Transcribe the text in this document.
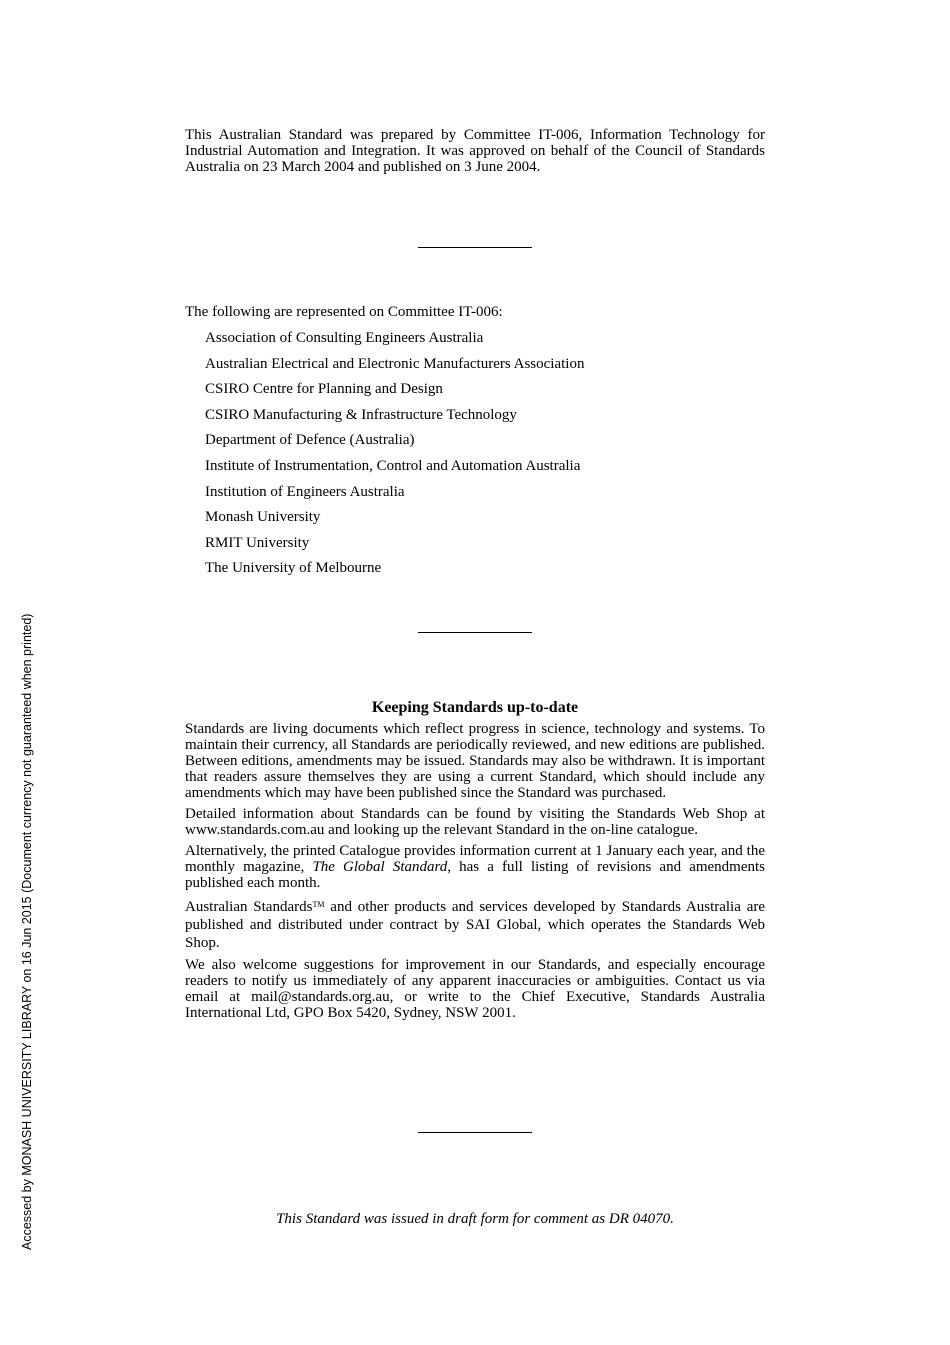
Accessed by MONASH UNIVERSITY LIBRARY on 16 Jun 2015 (Document currency not guaranteed when printed)

This Australian Standard was prepared by Committee IT-006, Information Technology for Industrial Automation and Integration. It was approved on behalf of the Council of Standards Australia on 23 March 2004 and published on 3 June 2004.

The following are represented on Committee IT-006:

Association of Consulting Engineers Australia
Australian Electrical and Electronic Manufacturers Association
CSIRO Centre for Planning and Design
CSIRO Manufacturing & Infrastructure Technology
Department of Defence (Australia)
Institute of Instrumentation, Control and Automation Australia
Institution of Engineers Australia
Monash University
RMIT University
The University of Melbourne
Keeping Standards up-to-date

Standards are living documents which reflect progress in science, technology and systems. To maintain their currency, all Standards are periodically reviewed, and new editions are published. Between editions, amendments may be issued. Standards may also be withdrawn. It is important that readers assure themselves they are using a current Standard, which should include any amendments which may have been published since the Standard was purchased.

Detailed information about Standards can be found by visiting the Standards Web Shop at www.standards.com.au and looking up the relevant Standard in the on-line catalogue.

Alternatively, the printed Catalogue provides information current at 1 January each year, and the monthly magazine, The Global Standard, has a full listing of revisions and amendments published each month.

Australian Standards™ and other products and services developed by Standards Australia are published and distributed under contract by SAI Global, which operates the Standards Web Shop.

We also welcome suggestions for improvement in our Standards, and especially encourage readers to notify us immediately of any apparent inaccuracies or ambiguities. Contact us via email at mail@standards.org.au, or write to the Chief Executive, Standards Australia International Ltd, GPO Box 5420, Sydney, NSW 2001.

This Standard was issued in draft form for comment as DR 04070.
